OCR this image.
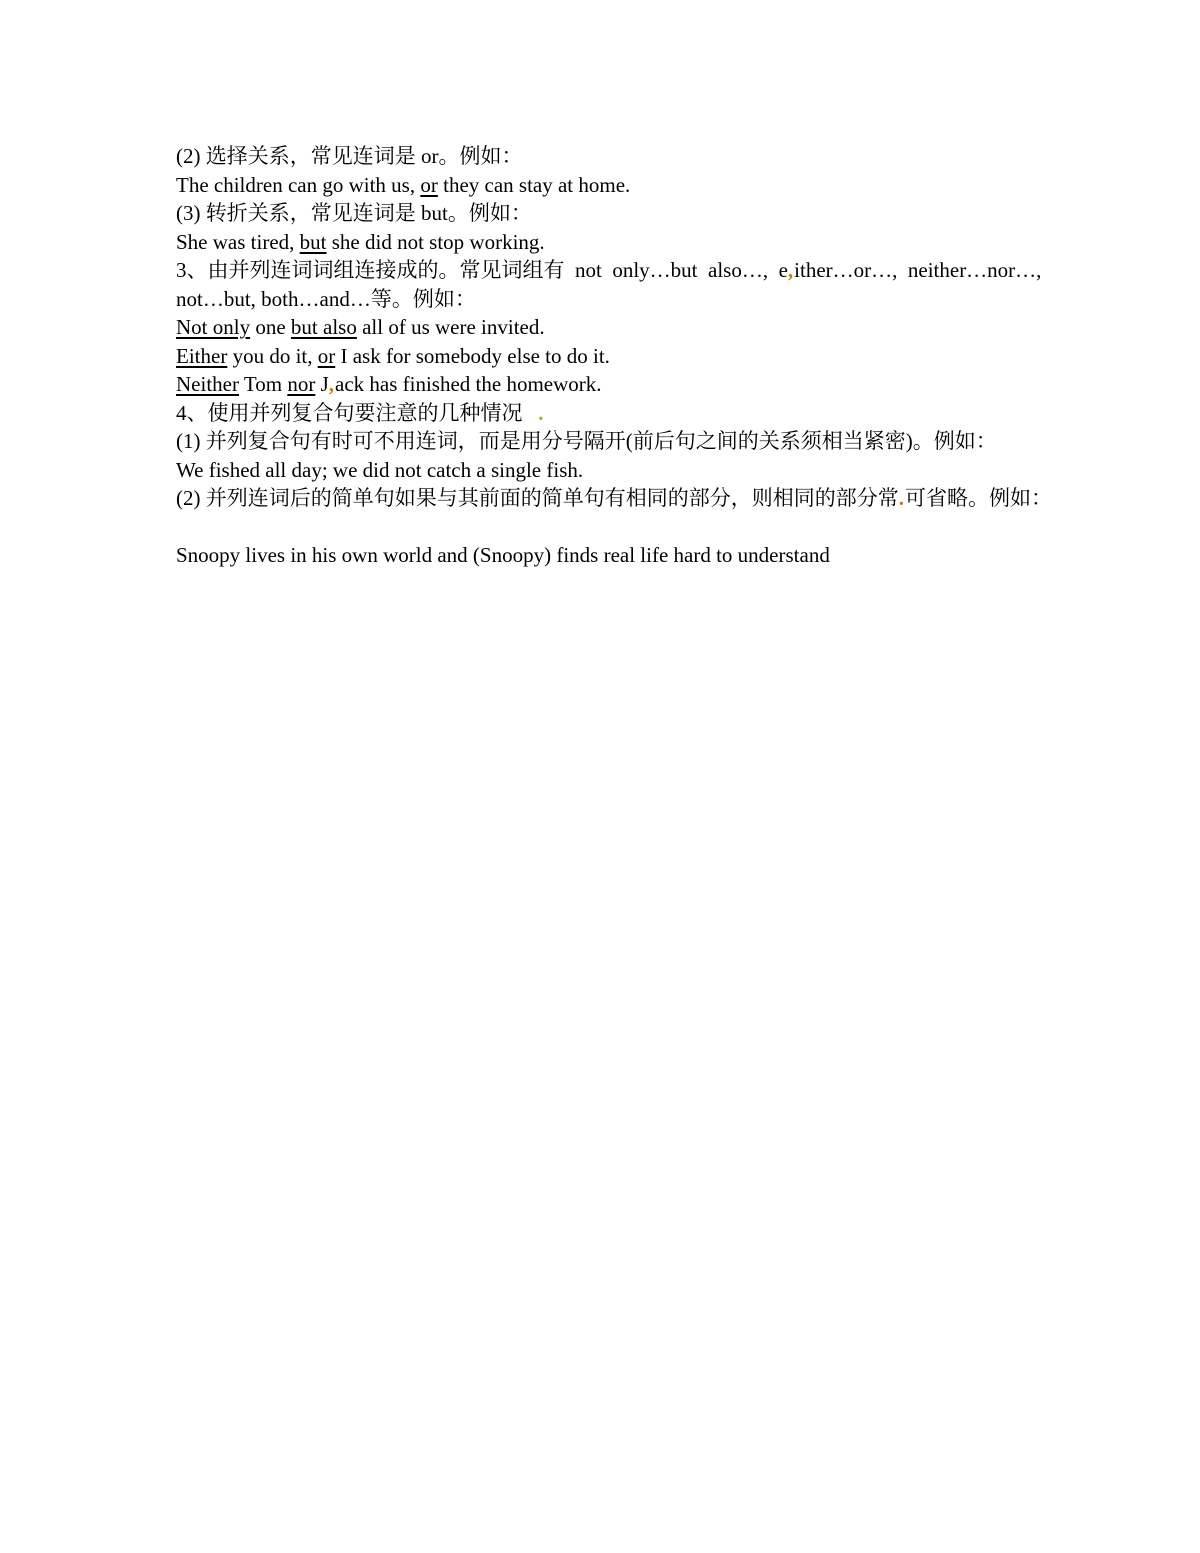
(2) 选择关系，常见连词是 or。例如：
The children can go with us, or they can stay at home.
(3) 转折关系，常见连词是 but。例如：
She was tired, but she did not stop working.
3、由并列连词词组连接成的。常见词组有  not  only…but  also…,  e,ither…or…,  neither…nor…,
not…but, both…and…等。例如：
Not only one but also all of us were invited.
Either you do it, or I ask for somebody else to do it.
Neither Tom nor J,ack has finished the homework.
4、使用并列复合句要注意的几种情况   .
(1) 并列复合句有时可不用连词，而是用分号隔开(前后句之间的关系须相当紧密)。例如：
We fished all day; we did not catch a single fish.
(2) 并列连词后的简单句如果与其前面的简单句有相同的部分，则相同的部分常.可省略。例如：
Snoopy lives in his own world and (Snoopy) finds real life hard to understand
